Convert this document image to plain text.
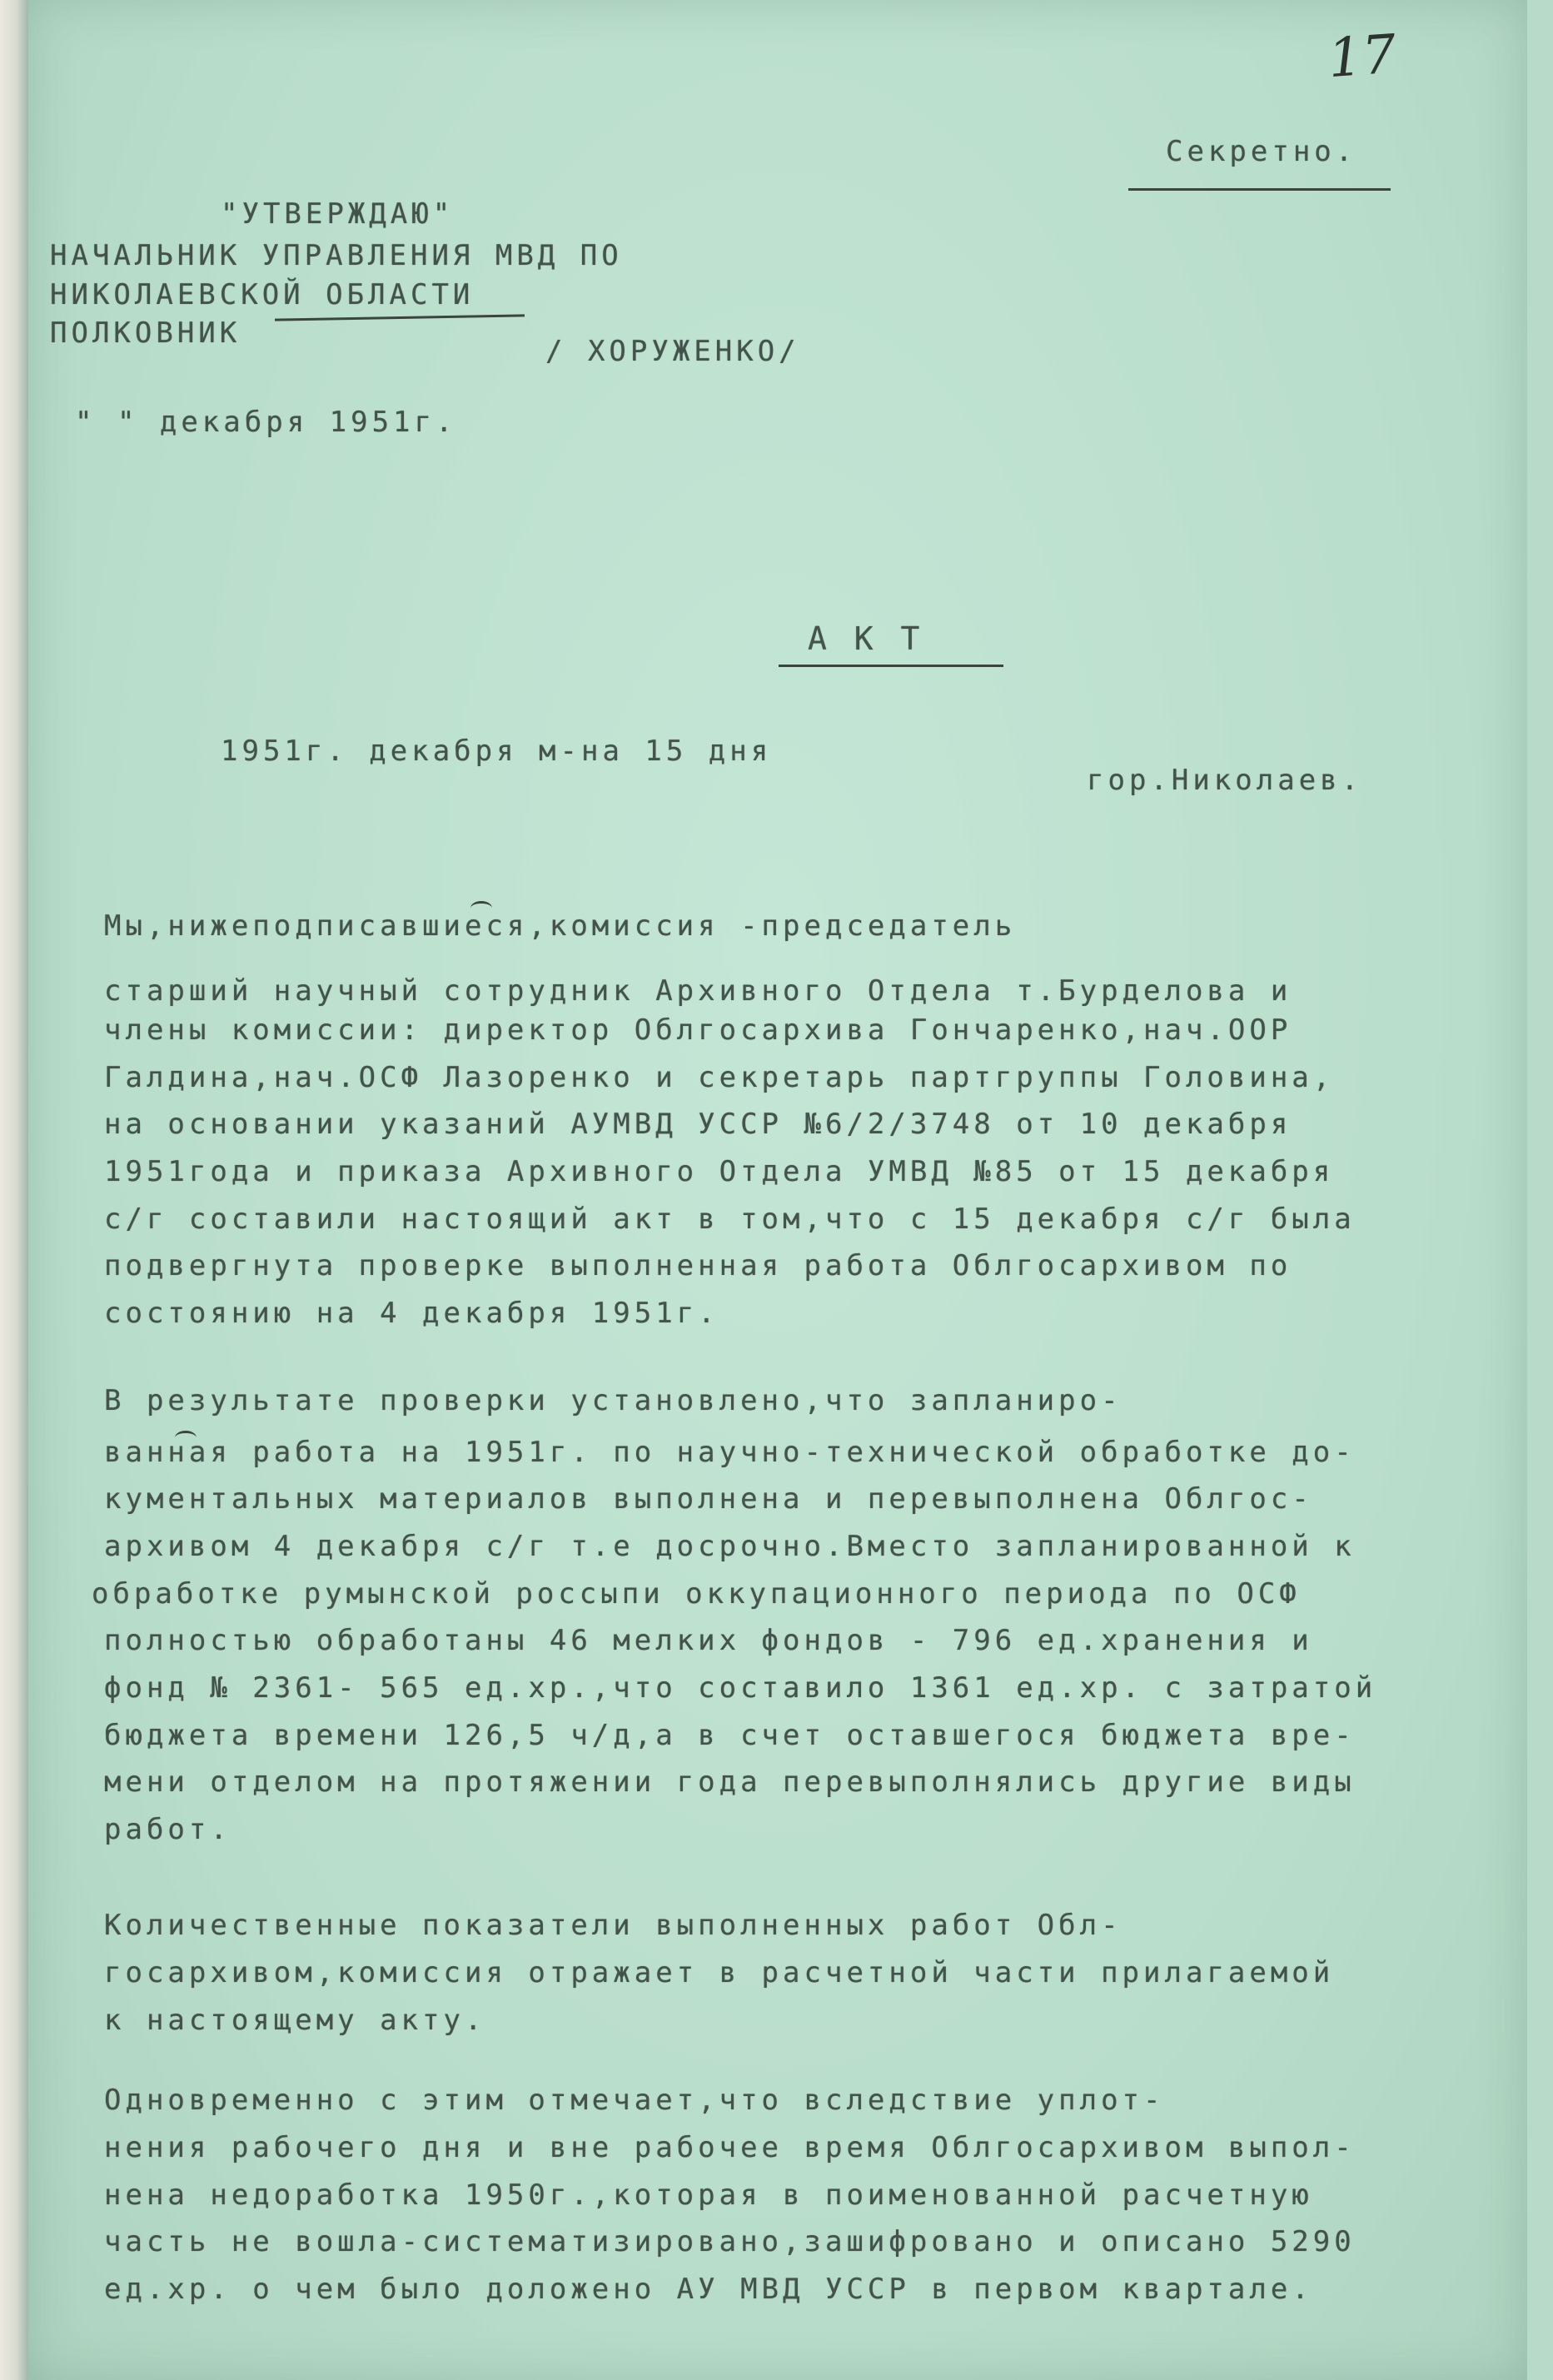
17
Секретно.
"УТВЕРЖДАЮ"
НАЧАЛЬНИК УПРАВЛЕНИЯ МВД ПО
НИКОЛАЕВСКОЙ ОБЛАСТИ
ПОЛКОВНИК
/ ХОРУЖЕНКО/
" " декабря 1951г.
А К Т
1951г. декабря м-на 15 дня
гор.Николаев.
Мы,нижеподписавшиеся,комиссия -председатель
старший научный сотрудник Архивного Отдела т.Бурделова и
члены комиссии: директор Облгосархива Гончаренко,нач.ООР
Галдина,нач.ОСФ Лазоренко и секретарь партгруппы Головина,
на основании указаний АУМВД УССР №6/2/3748 от 10 декабря
1951года и приказа Архивного Отдела УМВД №85 от 15 декабря
с/г составили настоящий акт в том,что с 15 декабря с/г была
подвергнута проверке выполненная работа Облгосархивом по
состоянию на 4 декабря 1951г.
В результате проверки установлено,что запланиро-
ванная работа на 1951г. по научно-технической обработке до-
кументальных материалов выполнена и перевыполнена Облгос-
архивом 4 декабря с/г т.е досрочно.Вместо запланированной к
обработке румынской россыпи оккупационного периода по ОСФ
полностью обработаны 46 мелких фондов - 796 ед.хранения и
фонд № 2361- 565 ед.хр.,что составило 1361 ед.хр. с затратой
бюджета времени 126,5 ч/д,а в счет оставшегося бюджета вре-
мени отделом на протяжении года перевыполнялись другие виды
работ.
Количественные показатели выполненных работ Обл-
госархивом,комиссия отражает в расчетной части прилагаемой
к настоящему акту.
Одновременно с этим отмечает,что вследствие уплот-
нения рабочего дня и вне рабочее время Облгосархивом выпол-
нена недоработка 1950г.,которая в поименованной расчетную
часть не вошла-систематизировано,зашифровано и описано 5290
ед.хр. о чем было доложено АУ МВД УССР в первом квартале.
